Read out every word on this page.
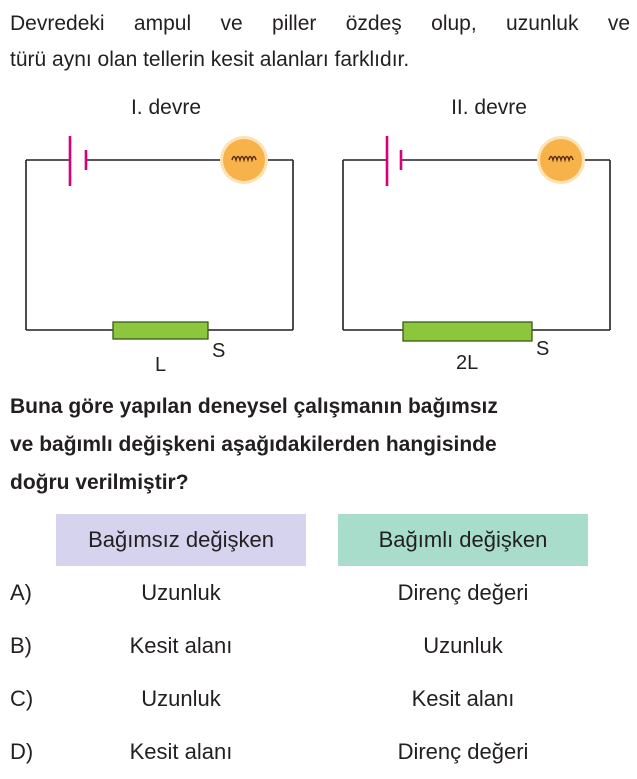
Devredeki ampul ve piller özdeş olup, uzunluk ve
türü aynı olan tellerin kesit alanları farklıdır.
I. devre
S
L
II. devre
S
2L
Buna göre yapılan deneysel çalışmanın bağımsız
ve bağımlı değişkeni aşağıdakilerden hangisinde
doğru verilmiştir?
Bağımsız değişken	Bağımlı değişken
A)	Uzunluk	Direnç değeri
B)	Kesit alanı	Uzunluk
C)	Uzunluk	Kesit alanı
D)	Kesit alanı	Direnç değeri
